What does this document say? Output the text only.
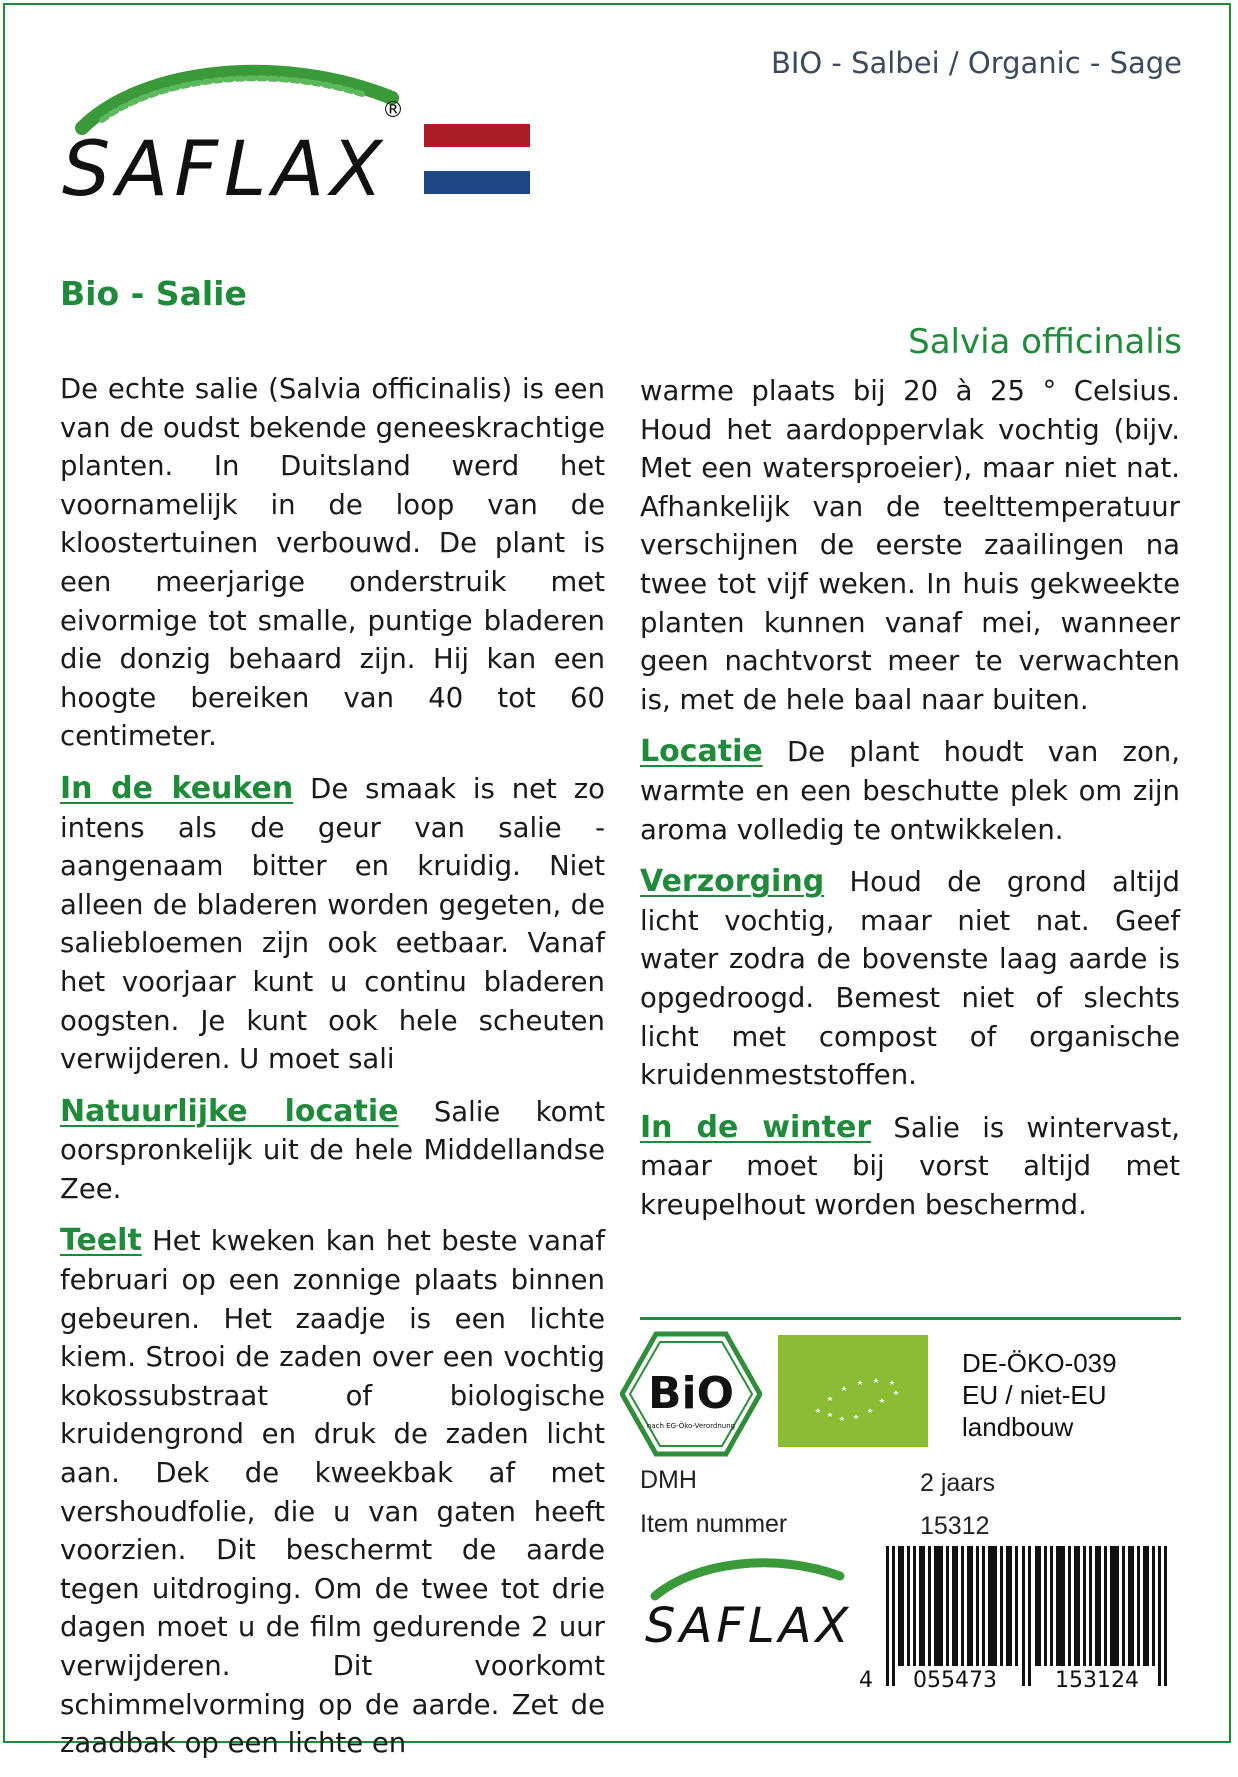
SAFLAX
®
BIO - Salbei / Organic - Sage
Bio - Salie
Salvia officinalis

De echte salie (Salvia officinalis) is een van de oudst bekende geneeskrachtige planten. In Duitsland werd het voornamelijk in de loop van de kloostertuinen verbouwd. De plant is een meerjarige onderstruik met eivormige tot smalle, puntige bladeren die donzig behaard zijn. Hij kan een hoogte bereiken van 40 tot 60 centimeter.

In de keuken De smaak is net zo intens als de geur van salie - aangenaam bitter en kruidig. Niet alleen de bladeren worden gegeten, de saliebloemen zijn ook eetbaar. Vanaf het voorjaar kunt u continu bladeren oogsten. Je kunt ook hele scheuten verwijderen. U moet sali

Natuurlijke locatie Salie komt oorspronkelijk uit de hele Middellandse Zee.

Teelt Het kweken kan het beste vanaf februari op een zonnige plaats binnen gebeuren. Het zaadje is een lichte kiem. Strooi de zaden over een vochtig kokossubstraat of biologische kruidengrond en druk de zaden licht aan. Dek de kweekbak af met vershoudfolie, die u van gaten heeft voorzien. Dit beschermt de aarde tegen uitdroging. Om de twee tot drie dagen moet u de film gedurende 2 uur verwijderen. Dit voorkomt schimmelvorming op de aarde. Zet de zaadbak op een lichte en

warme plaats bij 20 à 25 ° Celsius. Houd het aardoppervlak vochtig (bijv. Met een watersproeier), maar niet nat. Afhankelijk van de teelttemperatuur verschijnen de eerste zaailingen na twee tot vijf weken. In huis gekweekte planten kunnen vanaf mei, wanneer geen nachtvorst meer te verwachten is, met de hele baal naar buiten.

Locatie De plant houdt van zon, warmte en een beschutte plek om zijn aroma volledig te ontwikkelen.

Verzorging Houd de grond altijd licht vochtig, maar niet nat. Geef water zodra de bovenste laag aarde is opgedroogd. Bemest niet of slechts licht met compost of organische kruidenmeststoffen.

In de winter Salie is wintervast, maar moet bij vorst altijd met kreupelhout worden beschermd.

BiO
nach EG-Öko-Verordnung
DE-ÖKO-039
EU / niet-EU
landbouw
DMH	2 jaars
Item nummer	15312
SAFLAX
4 055473	153124
